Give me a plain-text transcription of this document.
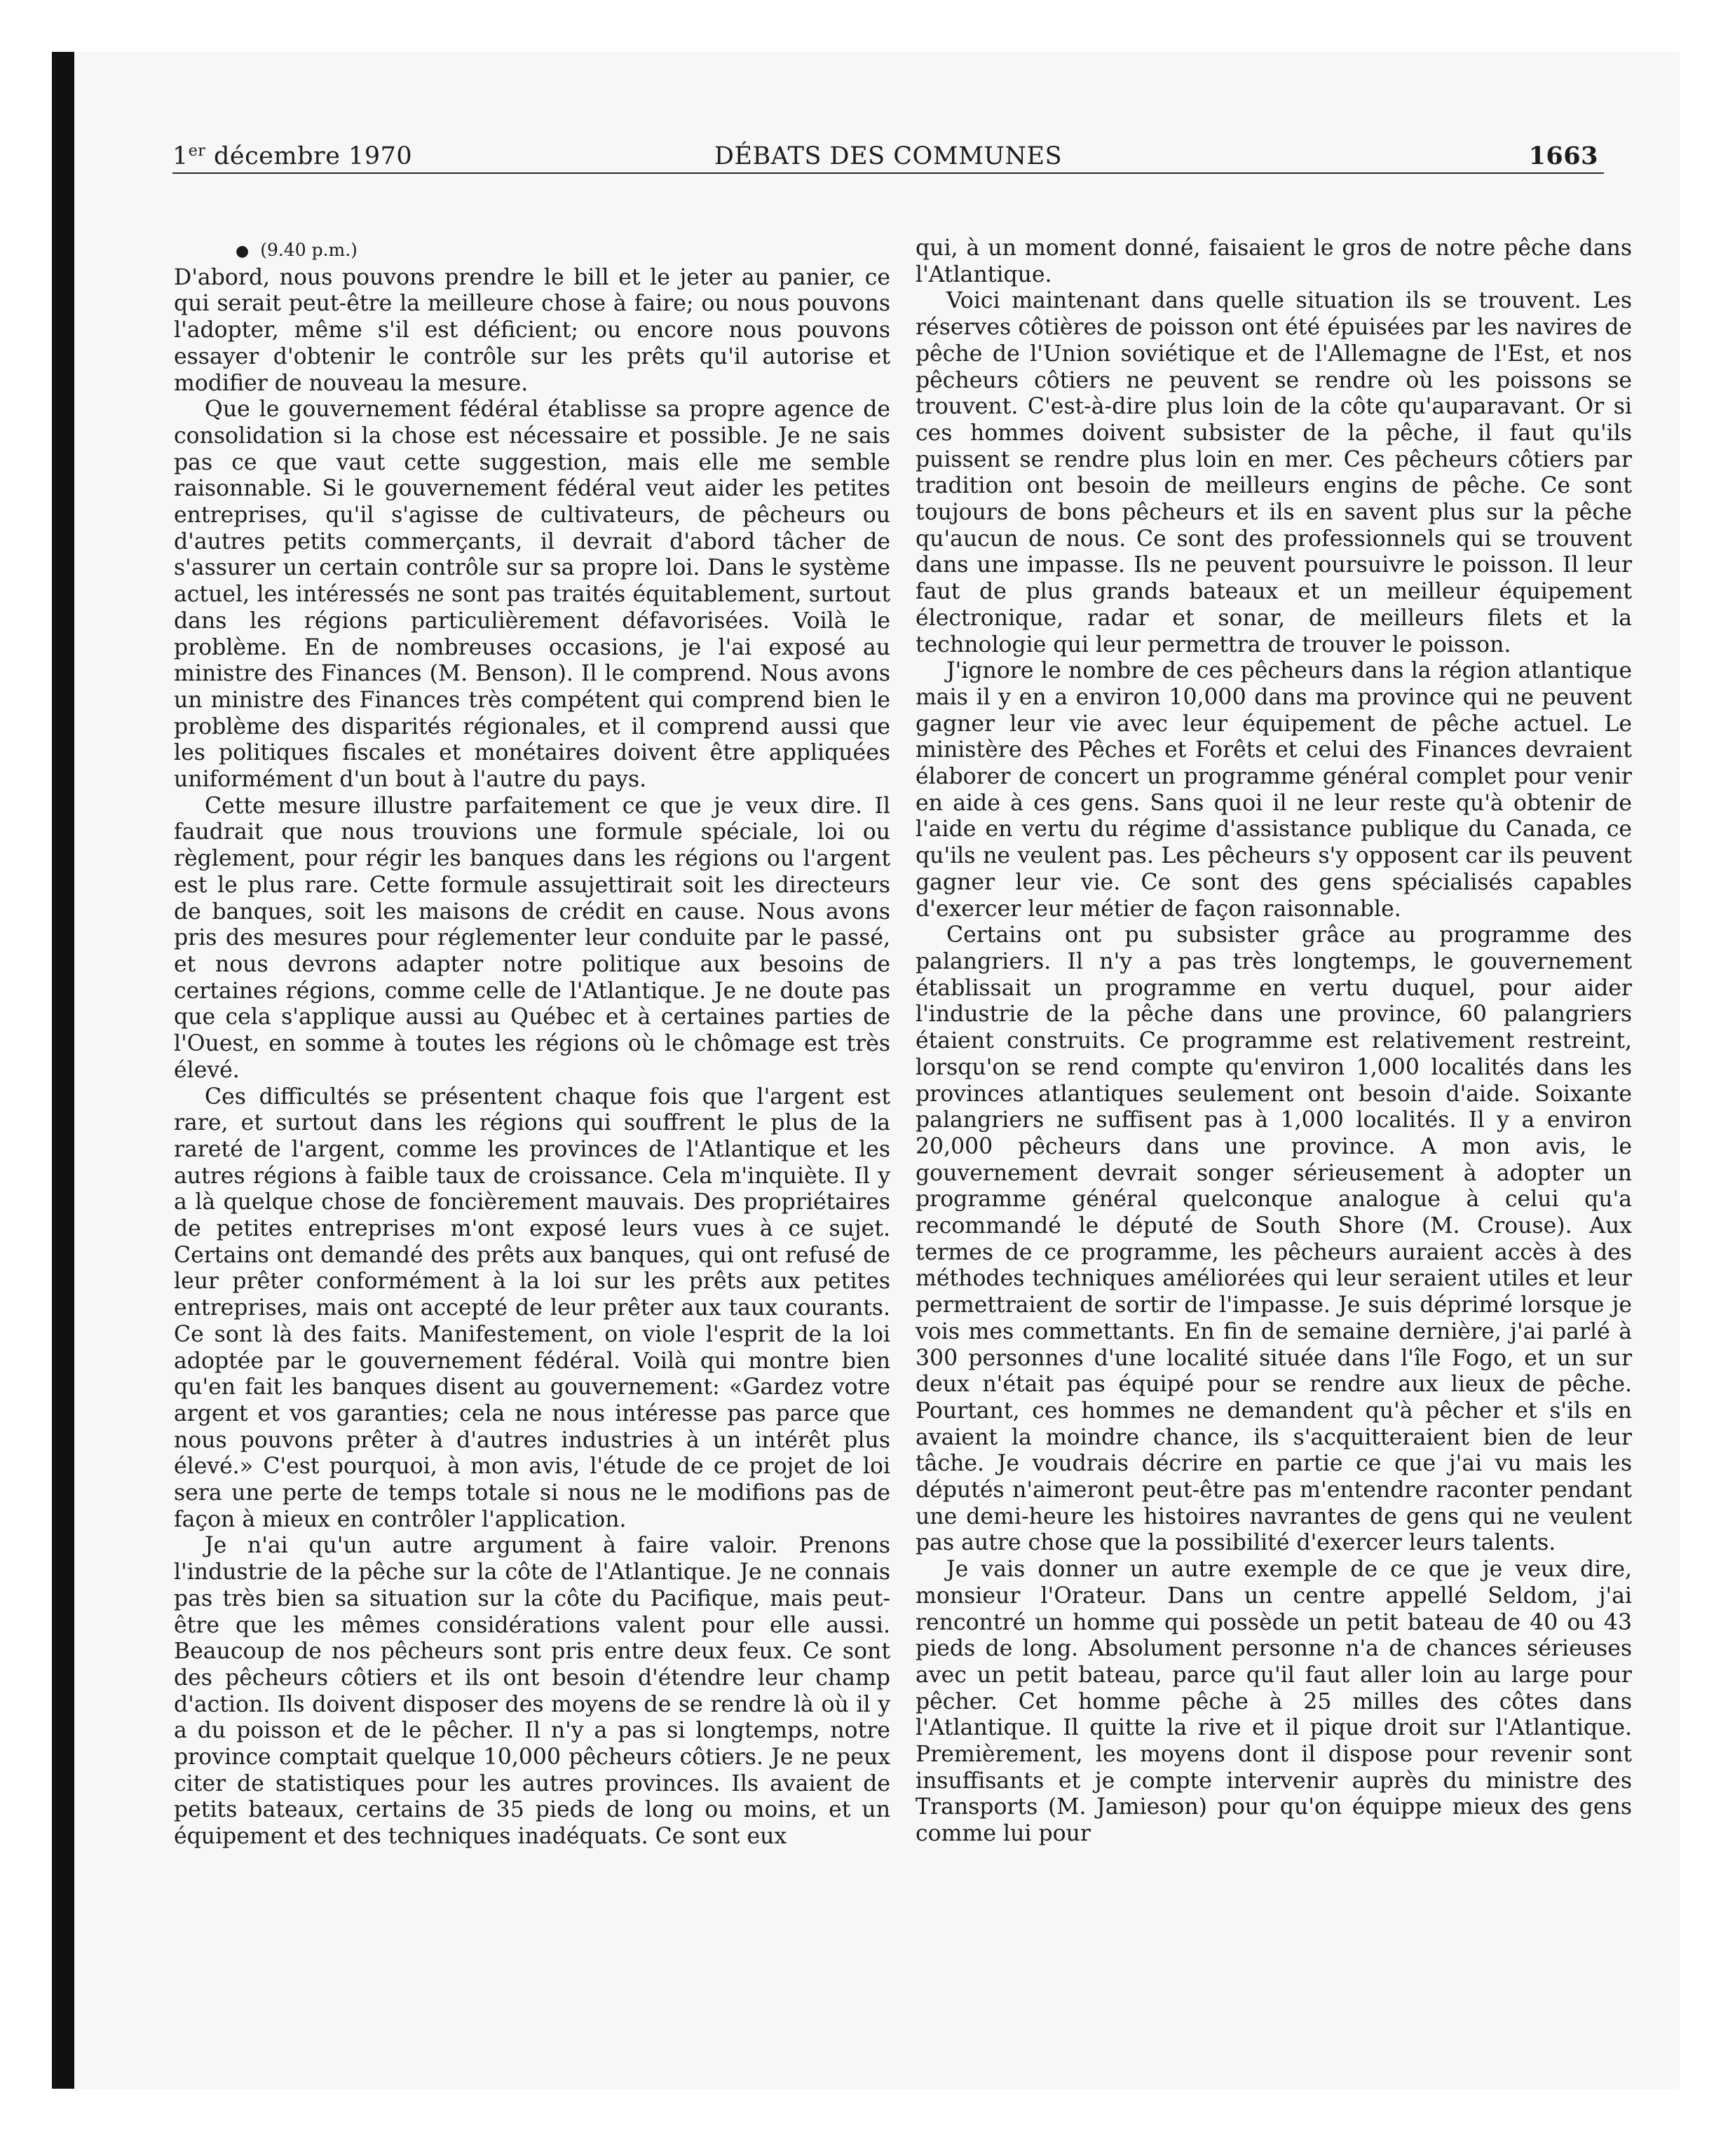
1er décembre 1970	DÉBATS DES COMMUNES	1663

● (9.40 p.m.)

D'abord, nous pouvons prendre le bill et le jeter au panier, ce qui serait peut-être la meilleure chose à faire; ou nous pouvons l'adopter, même s'il est déficient; ou encore nous pouvons essayer d'obtenir le contrôle sur les prêts qu'il autorise et modifier de nouveau la mesure.

Que le gouvernement fédéral établisse sa propre agence de consolidation si la chose est nécessaire et possible. Je ne sais pas ce que vaut cette suggestion, mais elle me semble raisonnable. Si le gouvernement fédéral veut aider les petites entreprises, qu'il s'agisse de cultivateurs, de pêcheurs ou d'autres petits commerçants, il devrait d'abord tâcher de s'assurer un certain contrôle sur sa propre loi. Dans le système actuel, les intéressés ne sont pas traités équitablement, surtout dans les régions particulièrement défavorisées. Voilà le problème. En de nombreuses occasions, je l'ai exposé au ministre des Finances (M. Benson). Il le comprend. Nous avons un ministre des Finances très compétent qui comprend bien le problème des disparités régionales, et il comprend aussi que les politiques fiscales et monétaires doivent être appliquées uniformément d'un bout à l'autre du pays.

Cette mesure illustre parfaitement ce que je veux dire. Il faudrait que nous trouvions une formule spéciale, loi ou règlement, pour régir les banques dans les régions ou l'argent est le plus rare. Cette formule assujettirait soit les directeurs de banques, soit les maisons de crédit en cause. Nous avons pris des mesures pour réglementer leur conduite par le passé, et nous devrons adapter notre politique aux besoins de certaines régions, comme celle de l'Atlantique. Je ne doute pas que cela s'applique aussi au Québec et à certaines parties de l'Ouest, en somme à toutes les régions où le chômage est très élevé.

Ces difficultés se présentent chaque fois que l'argent est rare, et surtout dans les régions qui souffrent le plus de la rareté de l'argent, comme les provinces de l'Atlantique et les autres régions à faible taux de croissance. Cela m'inquiète. Il y a là quelque chose de foncièrement mauvais. Des propriétaires de petites entreprises m'ont exposé leurs vues à ce sujet. Certains ont demandé des prêts aux banques, qui ont refusé de leur prêter conformément à la loi sur les prêts aux petites entreprises, mais ont accepté de leur prêter aux taux courants. Ce sont là des faits. Manifestement, on viole l'esprit de la loi adoptée par le gouvernement fédéral. Voilà qui montre bien qu'en fait les banques disent au gouvernement: «Gardez votre argent et vos garanties; cela ne nous intéresse pas parce que nous pouvons prêter à d'autres industries à un intérêt plus élevé.» C'est pourquoi, à mon avis, l'étude de ce projet de loi sera une perte de temps totale si nous ne le modifions pas de façon à mieux en contrôler l'application.

Je n'ai qu'un autre argument à faire valoir. Prenons l'industrie de la pêche sur la côte de l'Atlantique. Je ne connais pas très bien sa situation sur la côte du Pacifique, mais peut-être que les mêmes considérations valent pour elle aussi. Beaucoup de nos pêcheurs sont pris entre deux feux. Ce sont des pêcheurs côtiers et ils ont besoin d'étendre leur champ d'action. Ils doivent disposer des moyens de se rendre là où il y a du poisson et de le pêcher. Il n'y a pas si longtemps, notre province comptait quelque 10,000 pêcheurs côtiers. Je ne peux citer de statistiques pour les autres provinces. Ils avaient de petits bateaux, certains de 35 pieds de long ou moins, et un équipement et des techniques inadéquats. Ce sont eux

qui, à un moment donné, faisaient le gros de notre pêche dans l'Atlantique.

Voici maintenant dans quelle situation ils se trouvent. Les réserves côtières de poisson ont été épuisées par les navires de pêche de l'Union soviétique et de l'Allemagne de l'Est, et nos pêcheurs côtiers ne peuvent se rendre où les poissons se trouvent. C'est-à-dire plus loin de la côte qu'auparavant. Or si ces hommes doivent subsister de la pêche, il faut qu'ils puissent se rendre plus loin en mer. Ces pêcheurs côtiers par tradition ont besoin de meilleurs engins de pêche. Ce sont toujours de bons pêcheurs et ils en savent plus sur la pêche qu'aucun de nous. Ce sont des professionnels qui se trouvent dans une impasse. Ils ne peuvent poursuivre le poisson. Il leur faut de plus grands bateaux et un meilleur équipement électronique, radar et sonar, de meilleurs filets et la technologie qui leur permettra de trouver le poisson.

J'ignore le nombre de ces pêcheurs dans la région atlantique mais il y en a environ 10,000 dans ma province qui ne peuvent gagner leur vie avec leur équipement de pêche actuel. Le ministère des Pêches et Forêts et celui des Finances devraient élaborer de concert un programme général complet pour venir en aide à ces gens. Sans quoi il ne leur reste qu'à obtenir de l'aide en vertu du régime d'assistance publique du Canada, ce qu'ils ne veulent pas. Les pêcheurs s'y opposent car ils peuvent gagner leur vie. Ce sont des gens spécialisés capables d'exercer leur métier de façon raisonnable.

Certains ont pu subsister grâce au programme des palangriers. Il n'y a pas très longtemps, le gouvernement établissait un programme en vertu duquel, pour aider l'industrie de la pêche dans une province, 60 palangriers étaient construits. Ce programme est relativement restreint, lorsqu'on se rend compte qu'environ 1,000 localités dans les provinces atlantiques seulement ont besoin d'aide. Soixante palangriers ne suffisent pas à 1,000 localités. Il y a environ 20,000 pêcheurs dans une province. A mon avis, le gouvernement devrait songer sérieusement à adopter un programme général quelconque analogue à celui qu'a recommandé le député de South Shore (M. Crouse). Aux termes de ce programme, les pêcheurs auraient accès à des méthodes techniques améliorées qui leur seraient utiles et leur permettraient de sortir de l'impasse. Je suis déprimé lorsque je vois mes commettants. En fin de semaine dernière, j'ai parlé à 300 personnes d'une localité située dans l'île Fogo, et un sur deux n'était pas équipé pour se rendre aux lieux de pêche. Pourtant, ces hommes ne demandent qu'à pêcher et s'ils en avaient la moindre chance, ils s'acquitteraient bien de leur tâche. Je voudrais décrire en partie ce que j'ai vu mais les députés n'aimeront peut-être pas m'entendre raconter pendant une demi-heure les histoires navrantes de gens qui ne veulent pas autre chose que la possibilité d'exercer leurs talents.

Je vais donner un autre exemple de ce que je veux dire, monsieur l'Orateur. Dans un centre appellé Seldom, j'ai rencontré un homme qui possède un petit bateau de 40 ou 43 pieds de long. Absolument personne n'a de chances sérieuses avec un petit bateau, parce qu'il faut aller loin au large pour pêcher. Cet homme pêche à 25 milles des côtes dans l'Atlantique. Il quitte la rive et il pique droit sur l'Atlantique. Premièrement, les moyens dont il dispose pour revenir sont insuffisants et je compte intervenir auprès du ministre des Transports (M. Jamieson) pour qu'on équippe mieux des gens comme lui pour
